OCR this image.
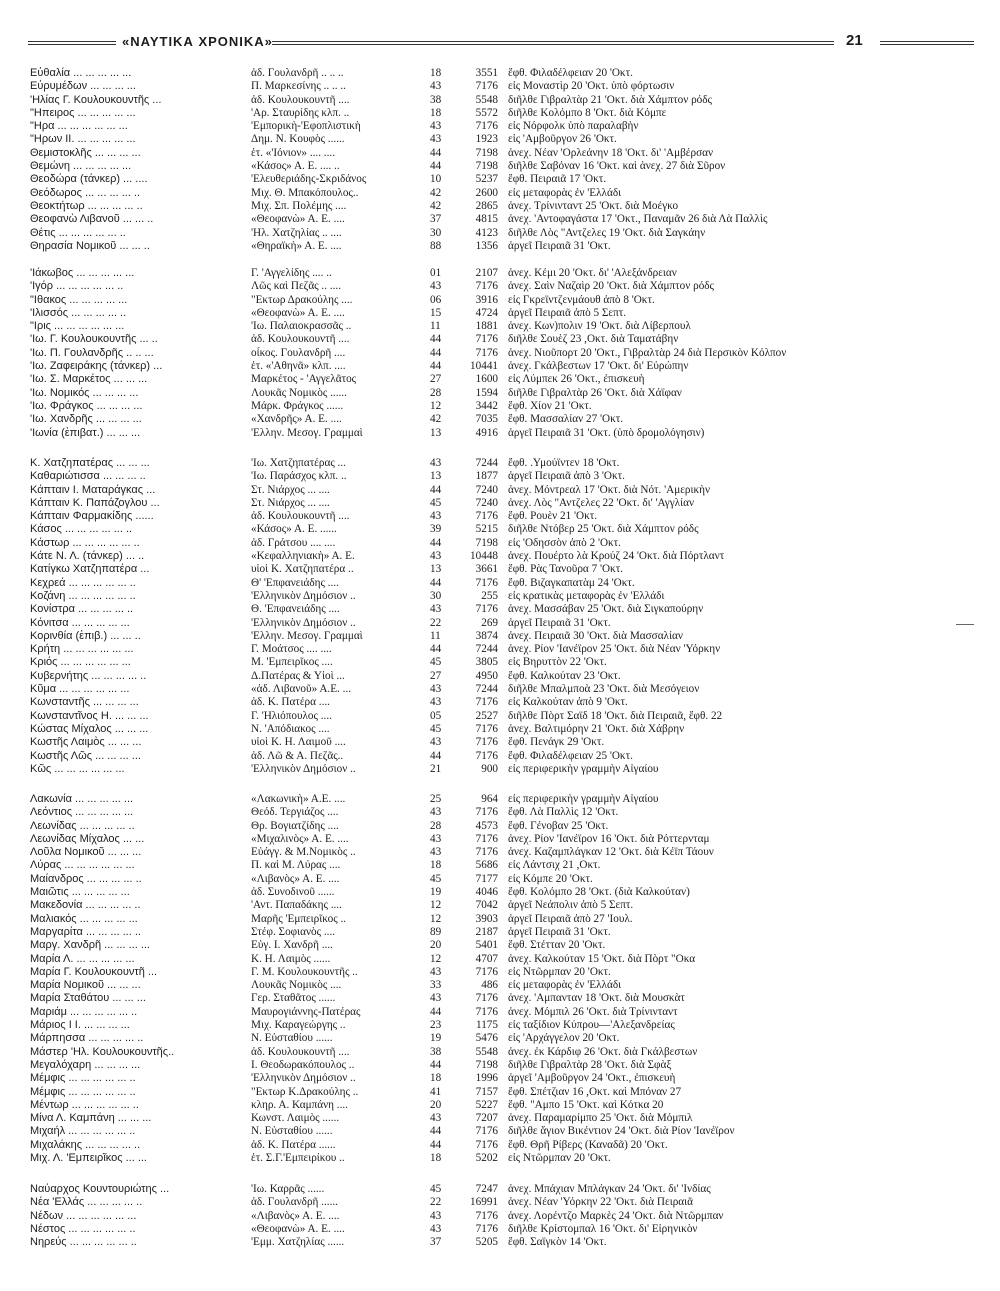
«ΝΑΥΤΙΚΑ ΧΡΟΝΙΚΑ»	21
Εὐθαλία ... ... ... ... ...	ἀδ. Γουλανδρῆ .. .. ..	18	3551 ἔφθ. Φιλαδέλφειαν 20 'Οκτ.
Εὐρυμέδων ... ... ... ...	Π. Μαρκεσίνης .. .. ..	43	7176 εἰς Μοναστὶρ 20 'Οκτ. ὑπὸ φόρτωσιν
'Ηλίας Γ. Κουλουκουντῆς ...	ἀδ. Κουλουκουντῆ ....	38	5548 διῆλθε Γιβραλτὰρ 21 'Οκτ. διὰ Χάμπτον ρόδς
"Ηπειρος ... ... ... ... ...	'Αρ. Σταυρίδης κλπ. ..	18	5572 διῆλθε Κολόμπο 8 'Οκτ. διὰ Κόμπε
"Ηρα ... ... ... ... ... ...	'Εμπορικὴ-'Εφοπλιστικὴ	43	7176 εἰς Νόρφολκ ὑπὸ παραλαβὴν
"Ηρων ΙΙ. ... ... ... ... ...	Δημ. Ν. Κουφὸς ......	43	1923 εἰς 'Αμβοῦργον 26 'Οκτ.
Θεμιστοκλῆς ... ... ... ...	ἑτ. «'Ιόνιον» .... ....	44	7198 ἀνεχ. Νέαν 'Ορλεάνην 18 'Οκτ. δι' 'Αμβέρσαν
Θεμώνη ... ... ... ... ...	«Κάσος» Α. Ε. .... ..	44	7198 διῆλθε Σαβόναν 16 'Οκτ. καὶ ἀνεχ. 27 διὰ Σῦρον
Θεοδώρα (τάνκερ) ... ....	'Ελευθεριάδης-Σκριδάνος	10	5237 ἔφθ. Πειραιᾶ 17 'Οκτ.
Θεόδωρος ... ... ... ... ..	Μιχ. Θ. Μπακόπουλος..	42	2600 εἰς μεταφορὰς ἐν 'Ελλάδι
Θεοκτήτωρ ... ... ... ... ..	Μιχ. Σπ. Πολέμης ....	42	2865 ἀνεχ. Τρίνινταντ 25 'Οκτ. διὰ Μοέγκο
Θεοφανὼ Λιβανοῦ ... ... ..	«Θεοφανὼ» Α. Ε. ....	37	4815 ἀνεχ. 'Αντοφαγάστα 17 'Οκτ., Παναμᾶν 26 διὰ Λὰ Παλλὶς
Θέτις ... ... ... ... ... ..	'Ηλ. Χατζηλίας .. ....	30	4123 διῆλθε Λὸς "Αντζελες 19 'Οκτ. διὰ Σαγκάην
Θηρασία Νομικοῦ ... ... ..	«Θηραϊκὴ» Α. Ε. ....	88	1356 ἀργεῖ Πειραιᾶ 31 'Οκτ.
'Ιάκωβος ... ... ... ... ...	Γ. 'Αγγελίδης .... ..	01	2107 ἀνεχ. Κέμι 20 'Οκτ. δι' 'Αλεξάνδρειαν
'Ιγόρ ... ... ... ... ... ..	Λῶς καὶ Πεζᾶς .. ....	43	7176 ἀνεχ. Σαὶν Ναζαὶρ 20 'Οκτ. διὰ Χάμπτον ρόδς
"Ιθακος ... ... ... ... ...	"Εκτωρ Δρακούλης ....	06	3916 εἰς Γκρεϊντζενμάουθ ἀπὸ 8 'Οκτ.
'Ιλισσός ... ... ... ... ..	«Θεοφανὼ» Α. Ε. ....	15	4724 ἀργεῖ Πειραιᾶ ἀπὸ 5 Σεπτ.
"Ιρις ... ... ... ... ... ...	'Ιω. Παλαιοκρασσᾶς ..	11	1881 ἀνεχ. Κων)πολιν 19 'Οκτ. διὰ Λίβερπουλ
'Ιω. Γ. Κουλουκουντῆς ... ..	ἀδ. Κουλουκουντῆ ....	44	7176 διῆλθε Σουὲζ 23 ,Οκτ. διὰ Ταματάβην
'Ιω. Π. Γουλανδρῆς .. .. ...	οἶκος. Γουλανδρῆ ....	44	7176 ἀνεχ. Νιοῦπορτ 20 'Οκτ., Γιβραλτὰρ 24 διὰ Περσικὸν Κόλπον
'Ιω. Ζαφειράκης (τάνκερ) ...	ἑτ. «'Αθηνᾶ» κλπ. ....	44	10441 ἀνεχ. Γκάλβεστων 17 'Οκτ. δι' Εὐρώπην
'Ιω. Σ. Μαρκέτος ... ... ...	Μαρκέτος - 'Αγγελᾶτος	27	1600 εἰς Λύμπεκ 26 'Οκτ., ἐπισκευὴ
'Ιω. Νομικός ... ... ... ...	Λουκᾶς Νομικὸς ......	28	1594 διῆλθε Γιβραλτὰρ 26 'Οκτ. διὰ Χάϊφαν
'Ιω. Φράγκος ... ... ... ...	Μάρκ. Φράγκος ......	12	3442 ἔφθ. Χίον 21 'Οκτ.
'Ιω. Χανδρῆς ... ... ... ...	«Χανδρῆς» Α. Ε. ....	42	7035 ἔφθ. Μασσαλίαν 27 'Οκτ.
'Ιωνία (ἐπιβατ.) ... ... ...	'Ελλην. Μεσογ. Γραμμαὶ	13	4916 ἀργεῖ Πειραιᾶ 31 'Οκτ. (ὑπὸ δρομολόγησιν)
Κ. Χατζηπατέρας ... ... ...	'Ιω. Χατζηπατέρας ...	43	7244 ἔφθ. .Υμούϊντεν 18 'Οκτ.
Καθαριώτισσα ... ... ... ..	'Ιω. Παράσχος κλπ. ..	13	1877 ἀργεῖ Πειραιᾶ ἀπὸ 3 'Οκτ.
Κάπταιν Ι. Ματαράγκας ...	Στ. Νιάρχος ... ....	44	7240 ἀνεχ. Μόντρεαλ 17 'Οκτ. διὰ Νότ. 'Αμερικὴν
Κάπταιν Κ. Παπάζογλου ...	Στ. Νιάρχος ... ....	45	7240 ἀνεχ. Λὸς "Αντζελες 22 'Οκτ. δι' 'Αγγλίαν
Κάπταιν Φαρμακίδης ......	ἀδ. Κουλουκουντῆ ....	43	7176 ἔφθ. Ρουὲν 21 'Οκτ.
Κάσος ... ... ... ... ... ..	«Κάσος» Α. Ε. ......	39	5215 διῆλθε Ντόβερ 25 'Οκτ. διὰ Χάμπτον ρόδς
Κάστωρ ... ... ... ... ... ..	ἀδ. Γράτσου .... ....	44	7198 εἰς 'Οδησσὸν ἀπὸ 2 'Οκτ.
Κάτε Ν. Λ. (τάνκερ) ... ..	«Κεφαλληνιακὴ» Α. Ε.	43	10448 ἀνεχ. Πουέρτο λὰ Κρούζ 24 'Οκτ. διὰ Πόρτλαντ
Κατίγκω Χατζηπατέρα ...	υἱοὶ Κ. Χατζηπατέρα ..	13	3661 ἔφθ. Ρὰς Τανοῦρα 7 'Οκτ.
Κεχρεά ... ... ... ... ... ..	Θ' 'Επφανειάδης ....	44	7176 ἔφθ. Βιζαγκαπατὰμ 24 'Οκτ.
Κοζάνη ... ... ... ... ... ..	'Ελληνικὸν Δημόσιον ..	30	255 εἰς κρατικὰς μεταφορὰς ἐν 'Ελλάδι
Κονίστρα ... ... ... ... ..	Θ. 'Επφανειάδης ....	43	7176 ἀνεχ. Μασσάβαν 25 'Οκτ. διὰ Σιγκαπούρην
Κόνιτσα ... ... ... ... ...	'Ελληνικὸν Δημόσιον ..	22	269 ἀργεῖ Πειραιᾶ 31 'Οκτ.
Κορινθία (ἐπιβ.) ... ... ..	'Ελλην. Μεσογ. Γραμμαὶ	11	3874 ἀνεχ. Πειραιᾶ 30 'Οκτ. διὰ Μασσαλίαν
Κρήτη ... ... ... ... ... ...	Γ. Μοάτσος .... ....	44	7244 ἀνεχ. Ρίον 'Ιανέϊρον 25 'Οκτ. διὰ Νέαν 'Υόρκην
Κριός ... ... ... ... ... ...	Μ. 'Εμπειρῖκος ....	45	3805 εἰς Βηρυττὸν 22 'Οκτ.
Κυβερνήτης ... ... ... ... ..	Δ.Πατέρας & Υἱοὶ ...	27	4950 ἔφθ. Καλκούταν 23 'Οκτ.
Κῦμα ... ... ... ... ... ...	«ἀδ. Λιβανοῦ» Α.Ε. ...	43	7244 διῆλθε Μπαλμποὰ 23 'Οκτ. διὰ Μεσόγειον
Κωνσταντῆς ... ... ... ...	ἀδ. Κ. Πατέρα ....	43	7176 εἰς Καλκούταν ἀπὸ 9 'Οκτ.
Κωνσταντῖνος Η. ... ... ...	Γ. 'Ηλιόπουλος ....	05	2527 διῆλθε Πὸρτ Σαϊδ 18 'Οκτ. διὰ Πειραιᾶ, ἔφθ. 22
Κώστας Μίχαλος ... ... ...	Ν. 'Απόδιακος ....	45	7176 ἀνεχ. Βαλτιμόρην 21 'Οκτ. διὰ Χάβρην
Κωστῆς Λαιμὸς ... ... ...	υἱοὶ Κ. Η. Λαιμοῦ ....	43	7176 ἔφθ. Πενάγκ 29 'Οκτ.
Κωστῆς Λῶς ... ... ... ...	ἀδ. Λῶ & Α. Πεζᾶς..	44	7176 ἔφθ. Φιλαδέλφειαν 25 'Οκτ.
Κῶς ... ... ... ... ... ...	'Ελληνικὸν Δημόσιον ..	21	900 εἰς περιφερικὴν γραμμὴν Αἰγαίου
Λακωνία ... ... ... ... ...	«Λακωνικὴ» Α.Ε. ....	25	964 εἰς περιφερικὴν γραμμὴν Αἰγαίου
Λεόντιος ... ... ... ... ...	Θεόδ. Τεργιάζος ....	43	7176 ἔφθ. Λὰ Παλλὶς 12 'Οκτ.
Λεωνίδας ... ... ... ... ..	Θρ. Βογιατζίδης ....	28	4573 ἔφθ. Γένοβαν 25 'Οκτ.
Λεωνίδας Μίχαλος ... ...	«Μιχαλινὸς» Α. Ε. ....	43	7176 ἀνεχ. Ρίον 'Ιανέϊρον 16 'Οκτ. διὰ Ρόττερνταμ
Λοῦλα Νομικοῦ ... ... ...	Εὐάγγ. & Μ.Νομικὸς ..	43	7176 ἀνεχ. Καζαμπλάγκαν 12 'Οκτ. διὰ Κέϊπ Τάουν
Λύρας ... ... ... ... ... ...	Π. καὶ Μ. Λύρας ....	18	5686 εἰς Λάντσιχ 21 ,Οκτ.
Μαίανδρος ... ... ... ... ..	«Λιβανὸς» Α. Ε. ....	45	7177 εἰς Κόμπε 20 'Οκτ.
Μαιῶτις ... ... ... ... ...	ἀδ. Συνοδινοῦ ......	19	4046 ἔφθ. Κολόμπο 28 'Οκτ. (διὰ Καλκούταν)
Μακεδονία ... ... ... ... ..	'Αντ. Παπαδάκης ....	12	7042 ἀργεῖ Νεάπολιν ἀπὸ 5 Σεπτ.
Μαλιακός ... ... ... ... ...	Μαρῆς 'Εμπειρῖκος ..	12	3903 ἀργεῖ Πειραιᾶ ἀπὸ 27 'Ιουλ.
Μαργαρίτα ... ... ... ... ..	Στέφ. Σοφιανὸς ....	89	2187 ἀργεῖ Πειραιᾶ 31 'Οκτ.
Μαργ. Χανδρῆ ... ... ... ...	Εὐγ. Ι. Χανδρῆ ....	20	5401 ἔφθ. Στέτταν 20 'Οκτ.
Μαρία Λ. ... ... ... ... ...	Κ. Η. Λαιμὸς ......	12	4707 ἀνεχ. Καλκούταν 15 'Οκτ. διὰ Πὸρτ "Οκα
Μαρία Γ. Κουλουκουντῆ ...	Γ. Μ. Κουλουκουντῆς ..	43	7176 εἰς Ντῶρμπαν 20 'Οκτ.
Μαρία Νομικοῦ ... ... ...	Λουκᾶς Νομικὸς ....	33	486 εἰς μεταφορὰς ἐν 'Ελλάδι
Μαρία Σταθάτου ... ... ...	Γερ. Σταθᾶτος ......	43	7176 ἀνεχ. 'Αμπανταν 18 'Οκτ. διὰ Μουσκὰτ
Μαριάμ ... ... ... ... ... ..	Μαυρογιάννης-Πατέρας	44	7176 ἀνεχ. Μόμπιλ 26 'Οκτ. διὰ Τρίνινταντ
Μάριος Ι Ι. ... ... ... ...	Μιχ. Καραγεώργης ..	23	1175 εἰς ταξίδιον Κύπρου—'Αλεξανδρείας
Μάρπησσα ... ... ... ... ..	Ν. Εὐσταθίου ......	19	5476 εἰς 'Αρχάγγελον 20 'Οκτ.
Μάστερ 'Ηλ. Κουλουκουντῆς..	ἀδ. Κουλουκουντῆ ....	38	5548 ἀνεχ. ἐκ Κάρδιφ 26 'Οκτ. διὰ Γκάλβεστων
Μεγαλόχαρη ... ... ... ...	Ι. Θεοδωρακόπουλος ..	44	7198 διῆλθε Γιβραλτὰρ 28 'Οκτ. διὰ Σφὰξ
Μέμφις ... ... ... ... ... ..	'Ελληνικὸν Δημόσιον ..	18	1996 ἀργεῖ 'Αμβοῦργον 24 'Οκτ., ἐπισκευὴ
Μέμφις ... ... ... ... ... ..	"Εκτωρ Κ.Δρακούλης ..	41	7157 ἔφθ. Σπέτζιαν 16 ,Οκτ. καὶ Μπόναν 27
Μέντωρ ... ... ... ... ... ..	κληρ. Α. Καμπάνη ....	20	5227 ἔφθ. "Αμπο 15 'Οκτ. καὶ Κότκα 20
Μίνα Λ. Καμπάνη ... ... ...	Κωνστ. Λαιμὸς ......	43	7207 ἀνεχ. Παραμαρίμπο 25 'Οκτ. διὰ Μόμπιλ
Μιχαήλ ... ... ... ... ... ..	Ν. Εὐσταθίου ......	44	7176 διῆλθε ἅγιον Βικέντιον 24 'Οκτ. διὰ Ρίον 'Ιανέϊρον
Μιχαλάκης ... ... ... ... ..	ἀδ. Κ. Πατέρα ......	44	7176 ἔφθ. Θρῆ Ρίβερς (Καναδᾶ) 20 'Οκτ.
Μιχ. Λ. 'Εμπειρῖκος ... ...	ἑτ. Σ.Γ.'Εμπειρίκου ..	18	5202 εἰς Ντῶρμπαν 20 'Οκτ.
Ναύαρχος Κουντουριώτης ...	'Ιω. Καρρᾶς ......	45	7247 ἀνεχ. Μπάχιαν Μπλάγκαν 24 'Οκτ. δι' 'Ινδίας
Νέα 'Ελλάς ... ... ... ... ..	ἀδ. Γουλανδρῆ ......	22	16991 ἀνεχ. Νέαν 'Υόρκην 22 'Οκτ. διὰ Πειραιᾶ
Νέδων ... ... ... ... ... ...	«Λιβανὸς» Α. Ε. ....	43	7176 ἀνεχ. Λορέντζο Μαρκὲς 24 'Οκτ. διὰ Ντῶρμπαν
Νέστος ... ... ... ... ... ..	«Θεοφανὼ» Α. Ε. ....	43	7176 διῆλθε Κρίστομπαλ 16 'Οκτ. δι' Εἰρηνικὸν
Νηρεύς ... ... ... ... ... ..	'Εμμ. Χατζηλίας ......	37	5205 ἔφθ. Σαϊγκὸν 14 'Οκτ.
